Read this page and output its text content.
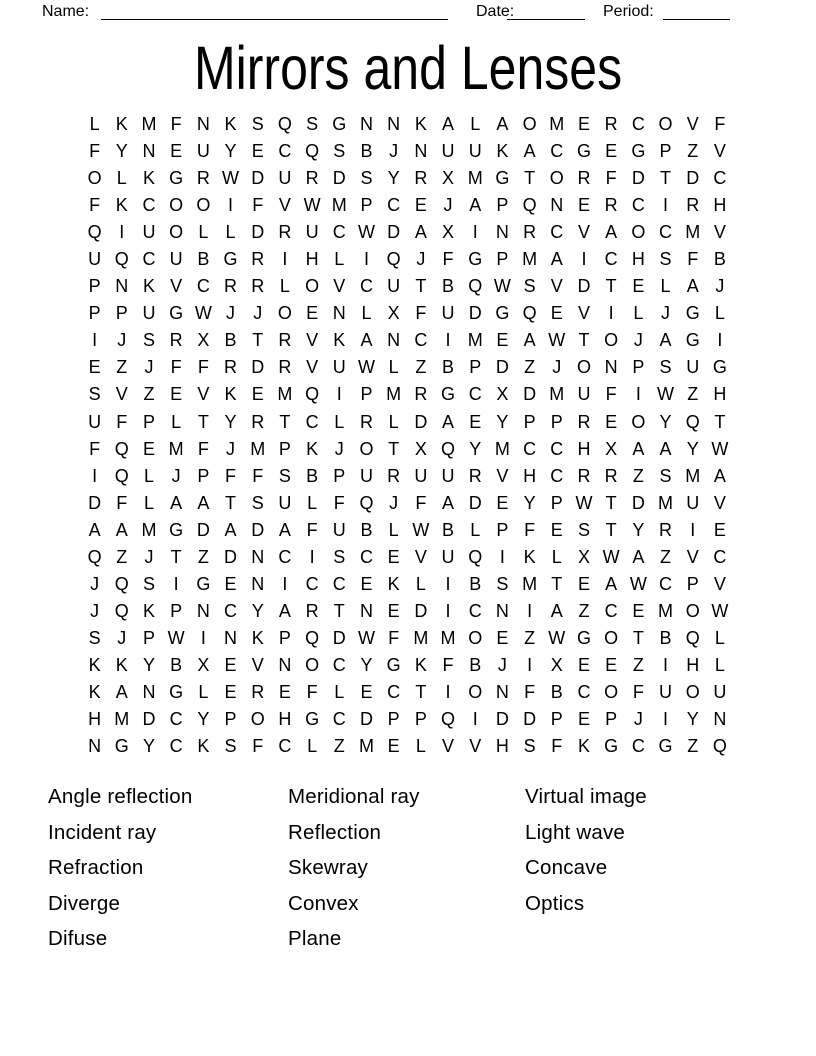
Name:	Date:	Period:
Mirrors and Lenses
L K M F N K S Q S G N N K A L A O M E R C O V F
F Y N E U Y E C Q S B J N U U K A C G E G P Z V
O L K G R W D U R D S Y R X M G T O R F D T D C
F K C O O I	F V W M P C E J A P Q N E R C	I	R H
Q I	U O L L D R U C W D A X	I	N R C V A O C M V
U Q C U B G R	I	H L	I Q J F G P M A	I	C H S F B
P N K V C R R L O V C U T B Q W S V D T E L A J
P P U G W J	J O E N L X F U D G Q E V	I	L J G L
I	J S R X B T R V K A N C	I M E A W T O J A G I
E Z J F F R D R V U W L Z B P D Z J O N P S U G
S V Z E V K E M Q I	P M R G C X D M U F	I W Z H
U F P L T Y R T C L R L D A E Y P P R E O Y Q T
F Q E M F J M P K J O T X Q Y M C C H X A A Y W
I Q L J P F F S B P U R U U R V H C R R Z S M A
D F L A A T S U L F Q J F A D E Y P W T D M U V
A A M G D A D A F U B L W B L P F E S T Y R	I	E
Q Z J T Z D N C	I	S C E V U Q I	K L X W A Z V C
J Q S	I G E N	I	C C E K L	I	B S M T E A W C P V
J Q K P N C Y A R T N E D	I	C N	I	A Z C E M O W
S J P W I	N K P Q D W F M M O E Z W G O T B Q L
K K Y B X E V N O C Y G K F B J	I	X E E Z	I	H L
K A N G L E R E F L E C T	I O N F B C O F U O U
H M D C Y P O H G C D P P Q I	D D P E P J	I	Y N
N G Y C K S F C L Z M E L V V H S F K G C G Z Q
Angle reflection
Incident ray
Refraction
Diverge
Difuse
Meridional ray
Reflection
Skewray
Convex
Plane
Virtual image
Light wave
Concave
Optics
